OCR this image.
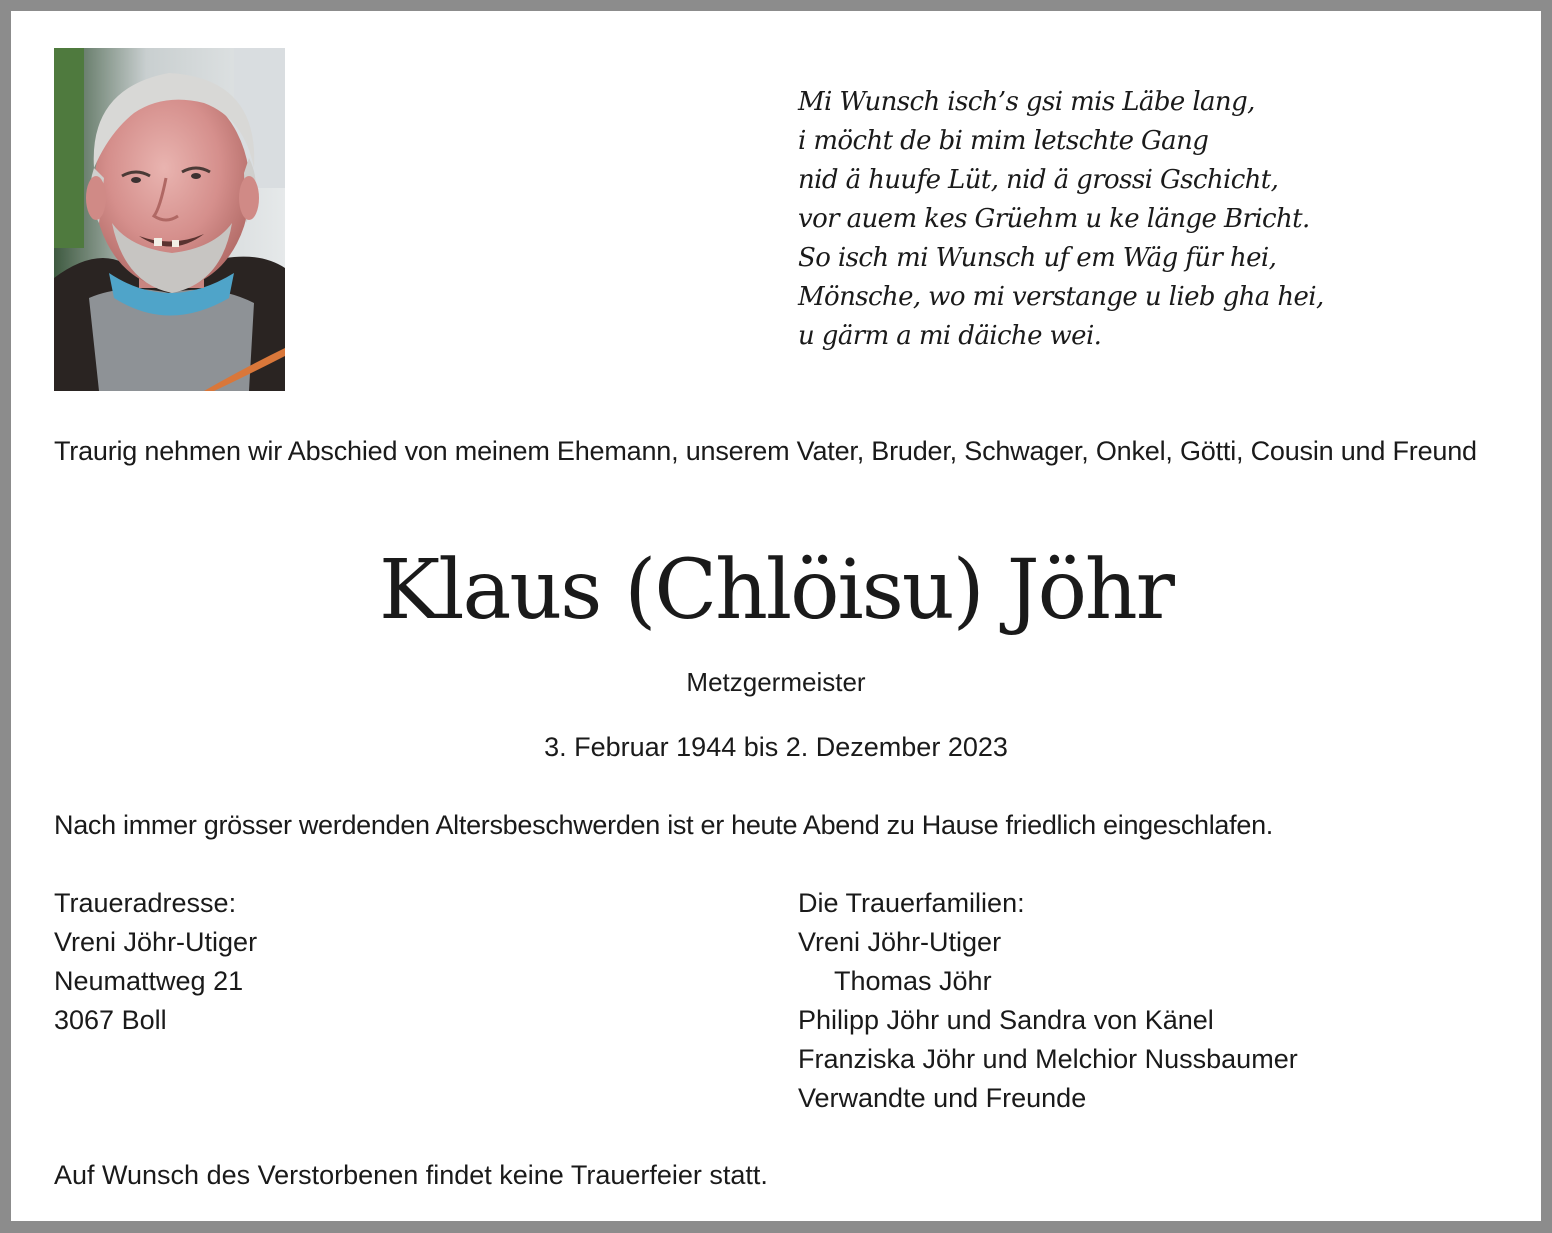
Mi Wunsch isch’s gsi mis Läbe lang,
i möcht de bi mim letschte Gang
nid ä huufe Lüt, nid ä grossi Gschicht,
vor auem kes Grüehm u ke länge Bricht.
So isch mi Wunsch uf em Wäg für hei,
Mönsche, wo mi verstange u lieb gha hei,
u gärm a mi däiche wei.
Traurig nehmen wir Abschied von meinem Ehemann, unserem Vater, Bruder, Schwager, Onkel, Götti, Cousin und Freund
Klaus (Chlöisu) Jöhr
Metzgermeister
3. Februar 1944 bis 2. Dezember 2023
Nach immer grösser werdenden Altersbeschwerden ist er heute Abend zu Hause friedlich eingeschlafen.
Traueradresse:
Vreni Jöhr-Utiger
Neumattweg 21
3067 Boll
Die Trauerfamilien:
Vreni Jöhr-Utiger
Thomas Jöhr
Philipp Jöhr und Sandra von Känel
Franziska Jöhr und Melchior Nussbaumer
Verwandte und Freunde
Auf Wunsch des Verstorbenen findet keine Trauerfeier statt.
